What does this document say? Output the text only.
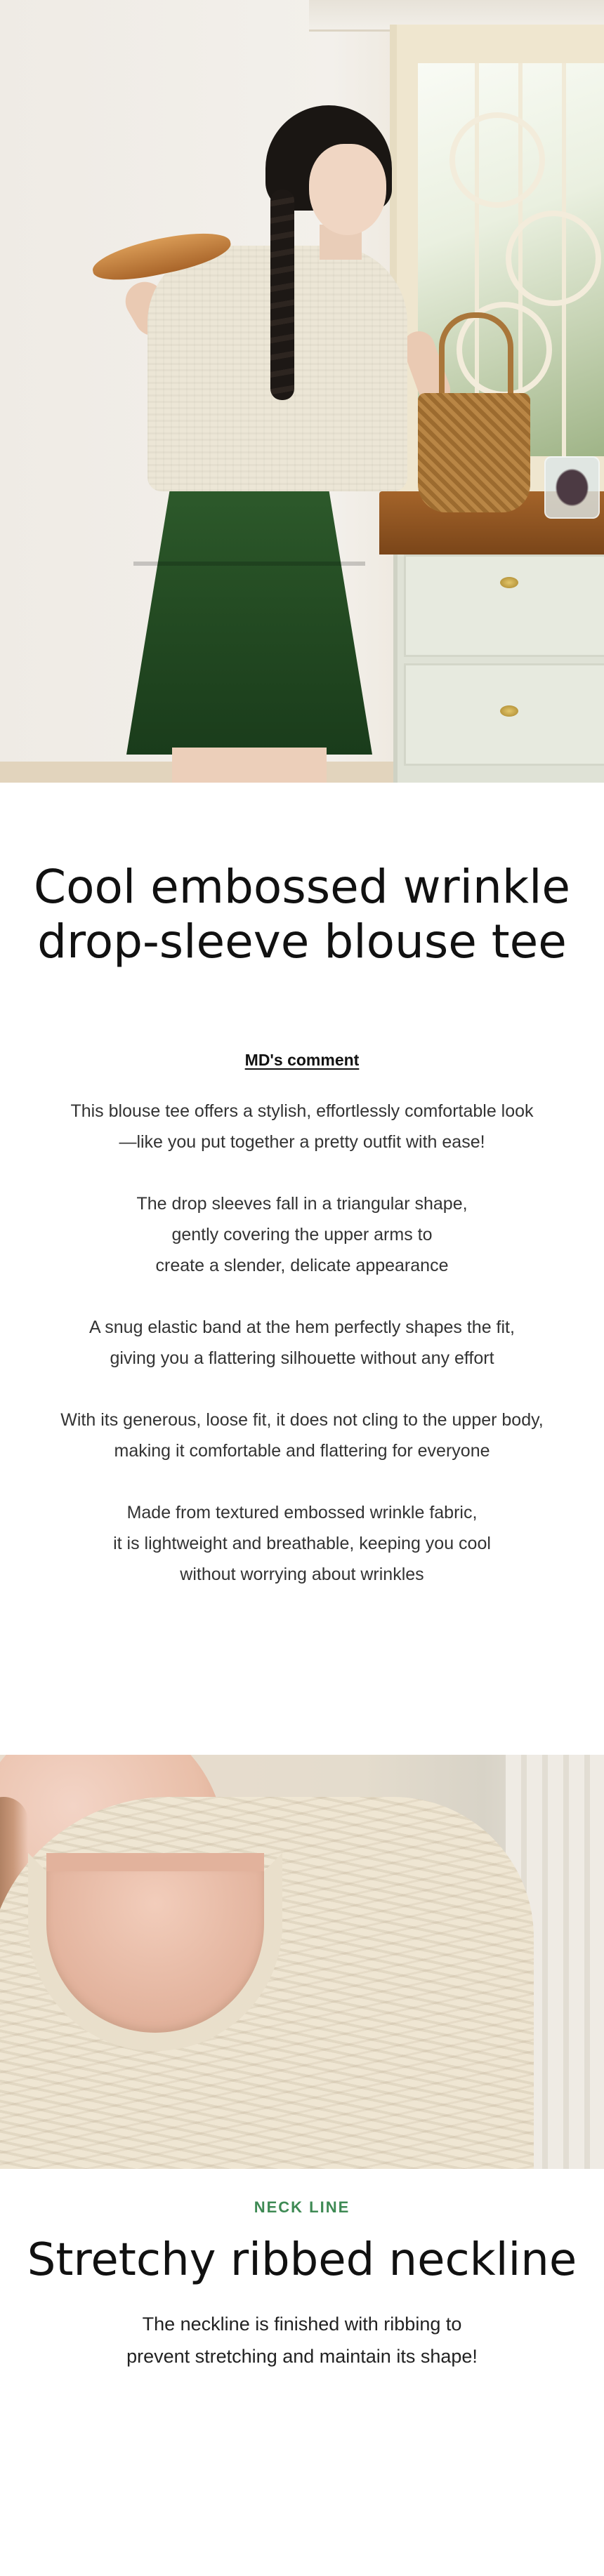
Cool embossed wrinkle
drop-sleeve blouse tee
MD's comment

This blouse tee offers a stylish, effortlessly comfortable look
—like you put together a pretty outfit with ease!

The drop sleeves fall in a triangular shape,
gently covering the upper arms to
create a slender, delicate appearance

A snug elastic band at the hem perfectly shapes the fit,
giving you a flattering silhouette without any effort

With its generous, loose fit, it does not cling to the upper body,
making it comfortable and flattering for everyone

Made from textured embossed wrinkle fabric,
it is lightweight and breathable, keeping you cool
without worrying about wrinkles

NECK LINE
Stretchy ribbed neckline
The neckline is finished with ribbing to
prevent stretching and maintain its shape!
